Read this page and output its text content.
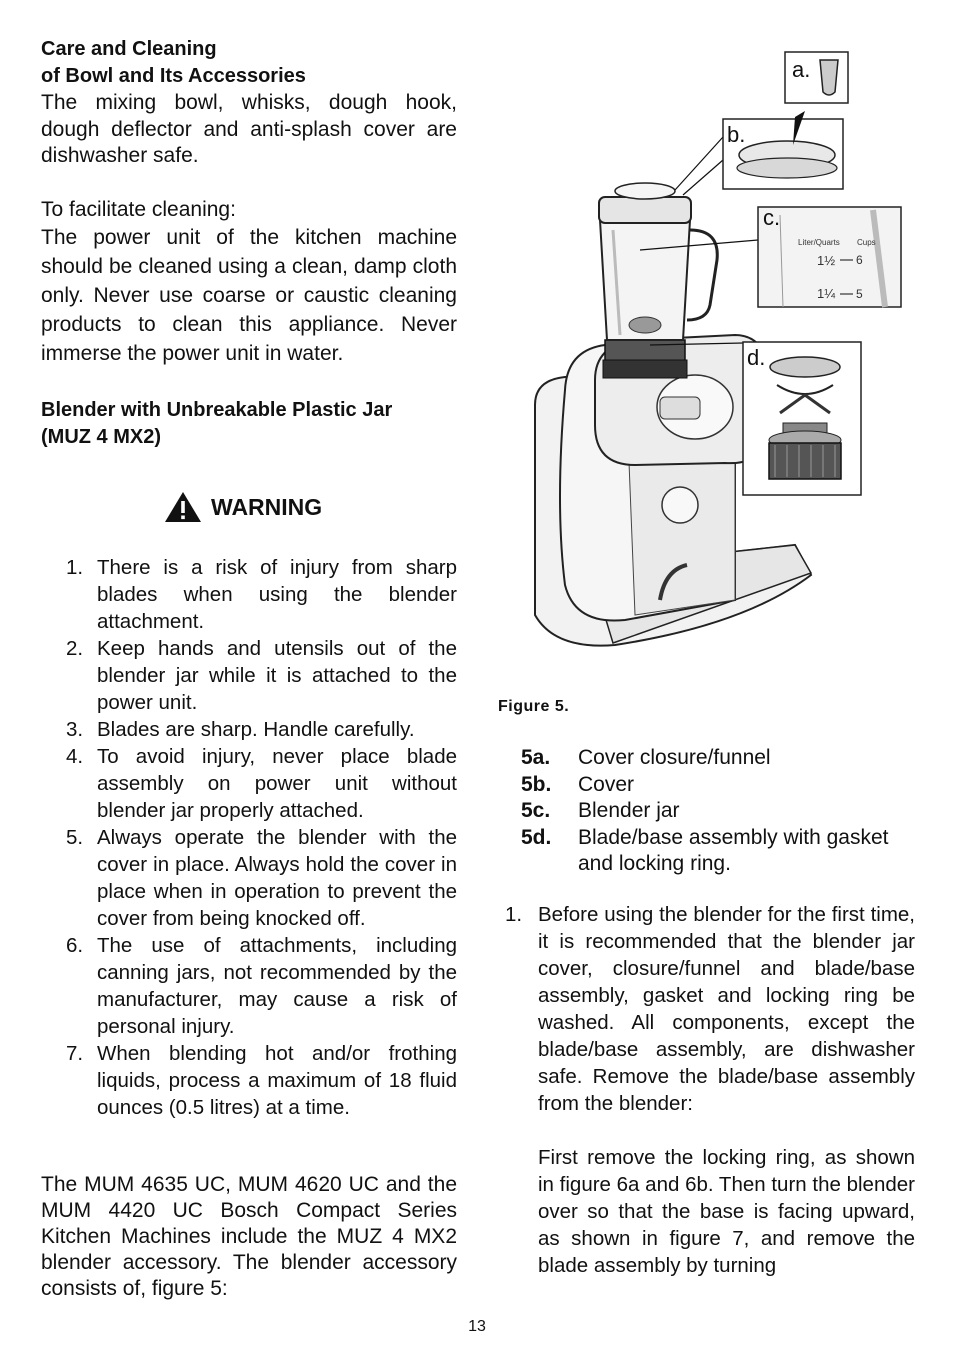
Care and Cleaning
of Bowl and Its Accessories
The mixing bowl, whisks, dough hook, dough deflector and anti-splash cover are dishwasher safe.
To facilitate cleaning:
The power unit of the kitchen machine should be cleaned using a clean, damp cloth only. Never use coarse or caustic cleaning products to clean this appliance. Never immerse the power unit in water.
Blender with Unbreakable Plastic Jar
(MUZ 4 MX2)
WARNING
1. There is a risk of injury from sharp blades when using the blender attachment.
2. Keep hands and utensils out of the blender jar while it is attached to the power unit.
3. Blades are sharp. Handle carefully.
4. To avoid injury, never place blade assembly on power unit without blender jar properly attached.
5. Always operate the blender with the cover in place. Always hold the cover in place when in operation to prevent the cover from being knocked off.
6. The use of attachments, including canning jars, not recommended by the manufacturer, may cause a risk of personal injury.
7. When blending hot and/or frothing liquids, process a maximum of 18 fluid ounces (0.5 litres) at a time.
The MUM 4635 UC, MUM 4620 UC and the MUM 4420 UC Bosch Compact Series Kitchen Machines include the MUZ 4 MX2 blender accessory. The blender accessory consists of, figure 5:
a.
b.
c.
Liter/Quarts Cups
1½ 6
1¼ 5
d.
Figure 5.
5a.	Cover closure/funnel
5b.	Cover
5c.	Blender jar
5d.	Blade/base assembly with gasket and locking ring.
1. Before using the blender for the first time, it is recommended that the blender jar cover, closure/funnel and blade/base assembly, gasket and locking ring be washed. All components, except the blade/base assembly, are dishwasher safe. Remove the blade/base assembly from the blender:
First remove the locking ring, as shown in figure 6a and 6b. Then turn the blender over so that the base is facing upward, as shown in figure 7, and remove the blade assembly by turning
13
